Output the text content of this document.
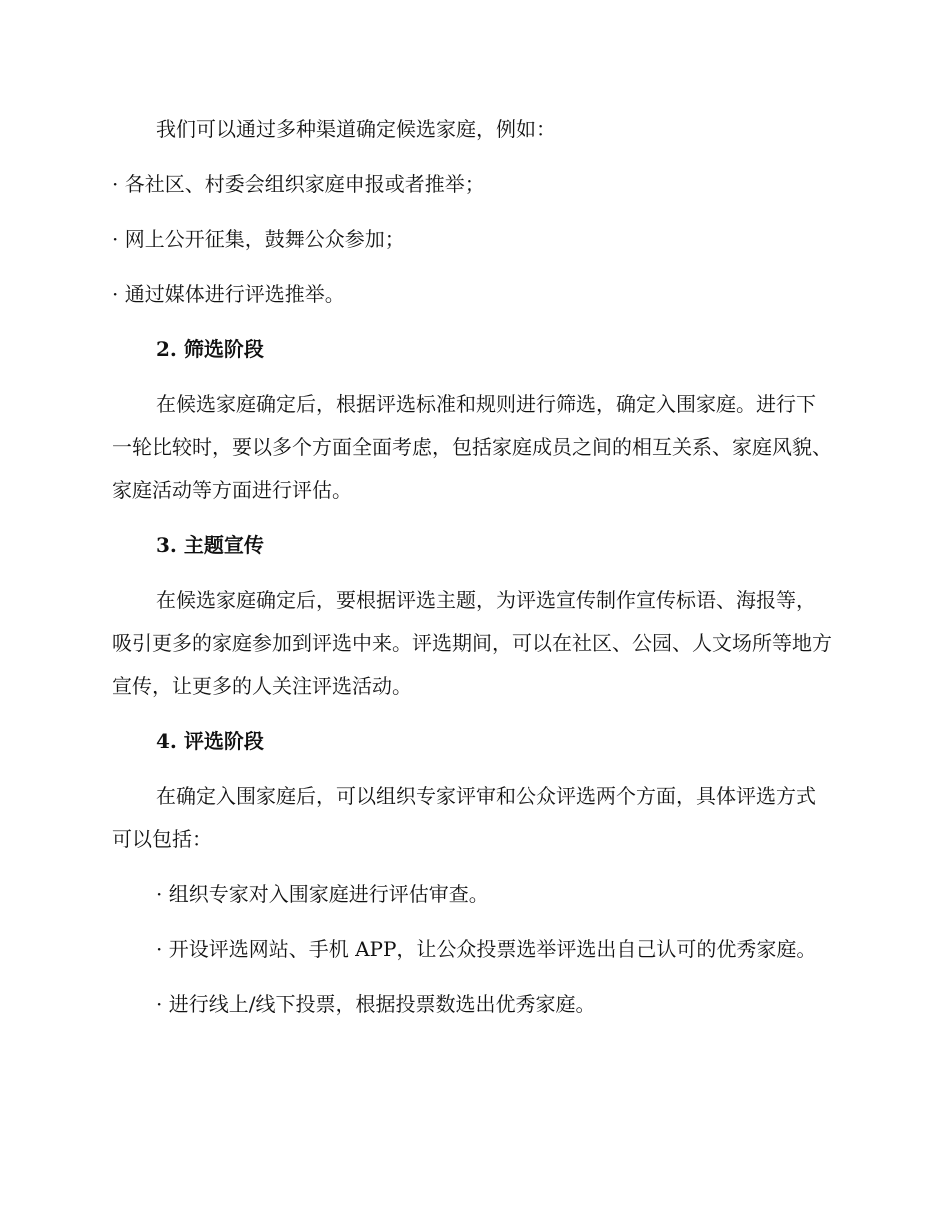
我们可以通过多种渠道确定候选家庭，例如：

· 各社区、村委会组织家庭申报或者推举；

· 网上公开征集，鼓舞公众参加；

· 通过媒体进行评选推举。

2. 筛选阶段

在候选家庭确定后，根据评选标准和规则进行筛选，确定入围家庭。进行下一轮比较时，要以多个方面全面考虑，包括家庭成员之间的相互关系、家庭风貌、家庭活动等方面进行评估。

3. 主题宣传

在候选家庭确定后，要根据评选主题，为评选宣传制作宣传标语、海报等，吸引更多的家庭参加到评选中来。评选期间，可以在社区、公园、人文场所等地方宣传，让更多的人关注评选活动。

4. 评选阶段

在确定入围家庭后，可以组织专家评审和公众评选两个方面，具体评选方式可以包括：

· 组织专家对入围家庭进行评估审查。

· 开设评选网站、手机 APP，让公众投票选举评选出自己认可的优秀家庭。

· 进行线上/线下投票，根据投票数选出优秀家庭。
